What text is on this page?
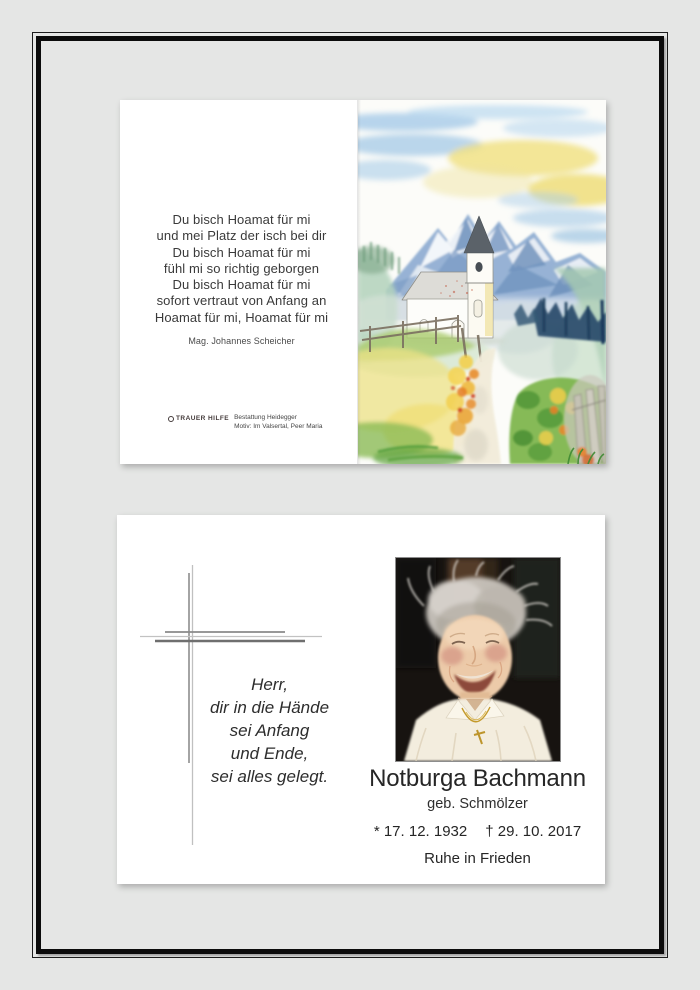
Du bisch Hoamat für mi
und mei Platz der isch bei dir
Du bisch Hoamat für mi
fühl mi so richtig geborgen
Du bisch Hoamat für mi
sofort vertraut von Anfang an
Hoamat für mi, Hoamat für mi
Mag. Johannes Scheicher
TRAUER HILFE Bestattung Heidegger
Motiv: Im Valsertal, Peer Maria
Herr,
dir in die Hände
sei Anfang
und Ende,
sei alles gelegt.	Notburga Bachmann
geb. Schmölzer
* 17. 12. 1932 † 29. 10. 2017
Ruhe in Frieden
